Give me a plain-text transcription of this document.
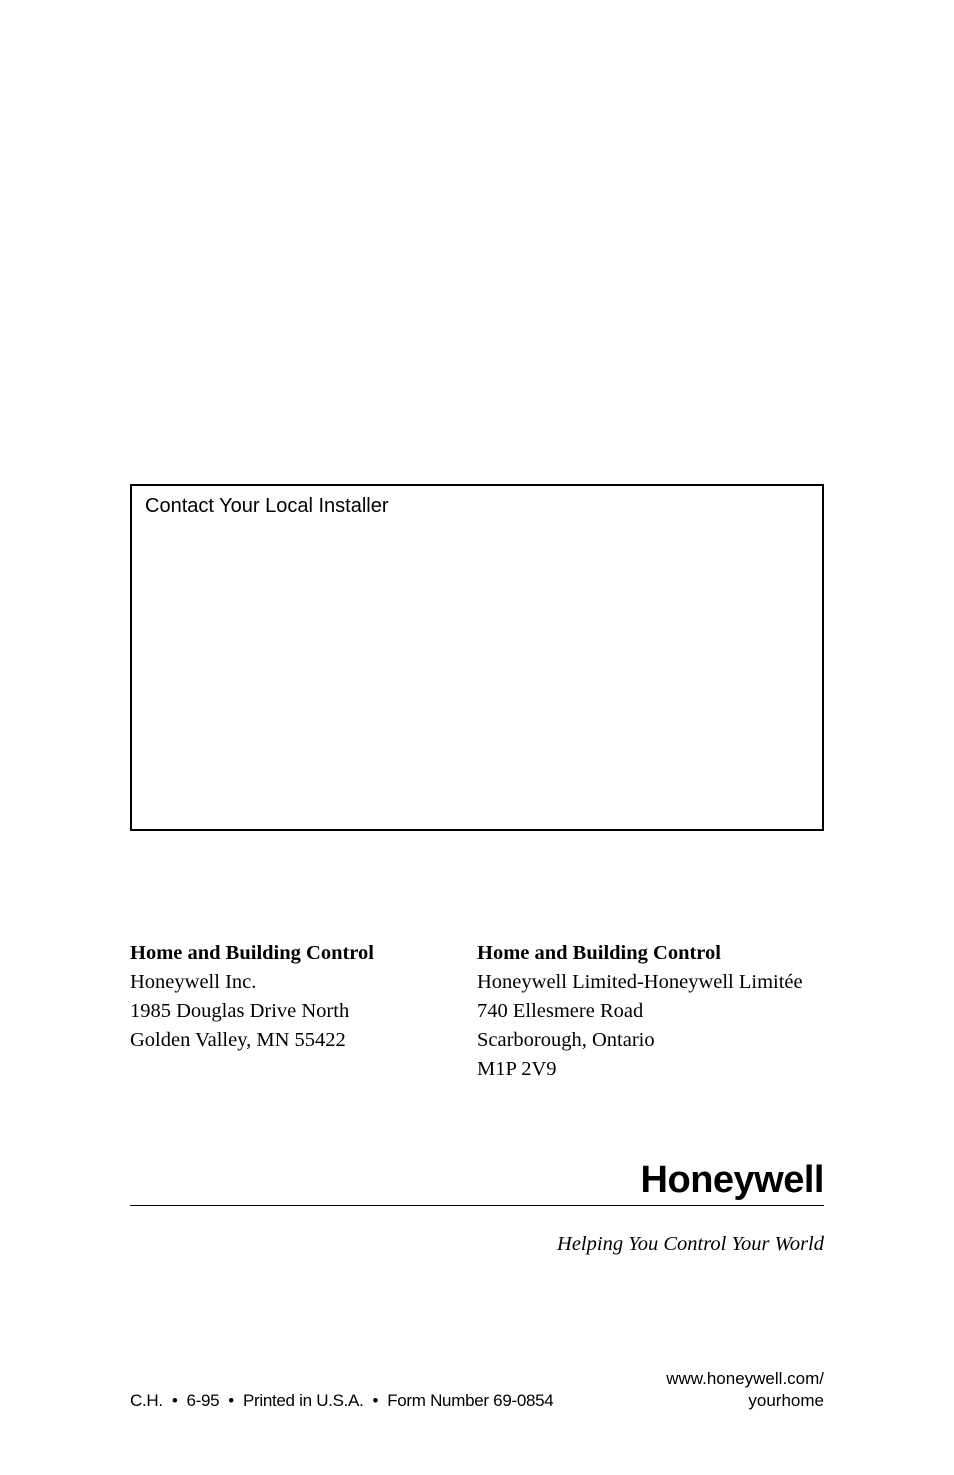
Contact Your Local Installer
Home and Building Control
Honeywell Inc.
1985 Douglas Drive North
Golden Valley, MN 55422
Home and Building Control
Honeywell Limited-Honeywell Limitée
740 Ellesmere Road
Scarborough, Ontario
M1P 2V9
Honeywell
Helping You Control Your World
C.H. • 6-95 • Printed in U.S.A. • Form Number 69-0854
www.honeywell.com/
yourhome
